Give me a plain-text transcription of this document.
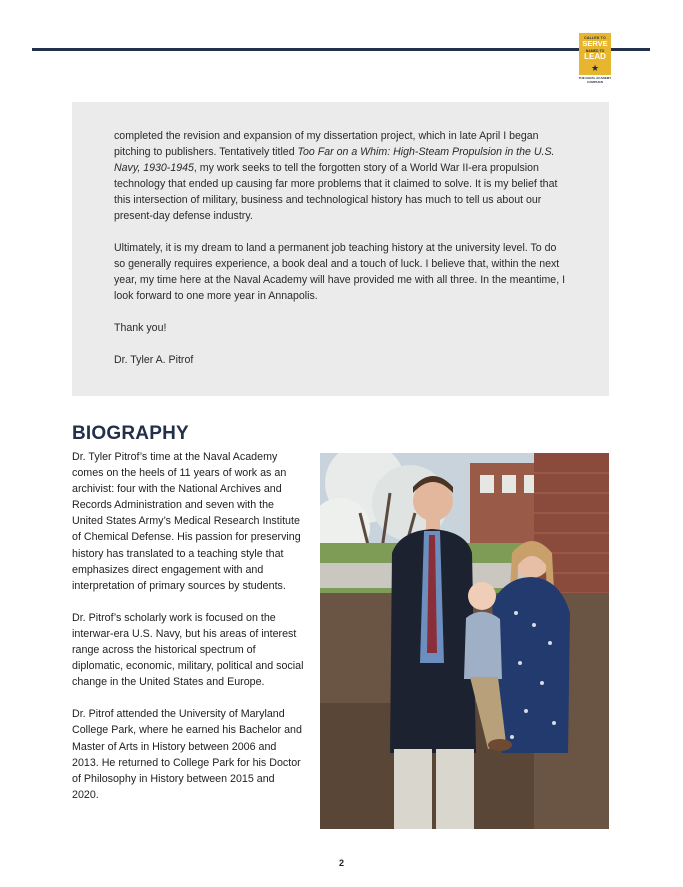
CALLED TO
SERVE
NAMED TO
LEAD
★
THE NAVAL ACADEMY
CAMPAIGN

completed the revision and expansion of my dissertation project, which in late April I began pitching to publishers. Tentatively titled Too Far on a Whim: High-Steam Propulsion in the U.S. Navy, 1930-1945, my work seeks to tell the forgotten story of a World War II-era propulsion technology that ended up causing far more problems that it claimed to solve. It is my belief that this intersection of military, business and technological history has much to tell us about our present-day defense industry.

Ultimately, it is my dream to land a permanent job teaching history at the university level. To do so generally requires experience, a book deal and a touch of luck. I believe that, within the next year, my time here at the Naval Academy will have provided me with all three. In the meantime, I look forward to one more year in Annapolis.

Thank you!

Dr. Tyler A. Pitrof

BIOGRAPHY

Dr. Tyler Pitrof’s time at the Naval Academy comes on the heels of 11 years of work as an archivist: four with the National Archives and Records Administration and seven with the United States Army’s Medical Research Institute of Chemical Defense. His passion for preserving history has translated to a teaching style that emphasizes direct engagement with and interpretation of primary sources by students.

Dr. Pitrof’s scholarly work is focused on the interwar-era U.S. Navy, but his areas of interest range across the historical spectrum of diplomatic, economic, military, political and social change in the United States and Europe.

Dr. Pitrof attended the University of Maryland College Park, where he earned his Bachelor and Master of Arts in History between 2006 and 2013. He returned to College Park for his Doctor of Philosophy in History between 2015 and 2020.

2
